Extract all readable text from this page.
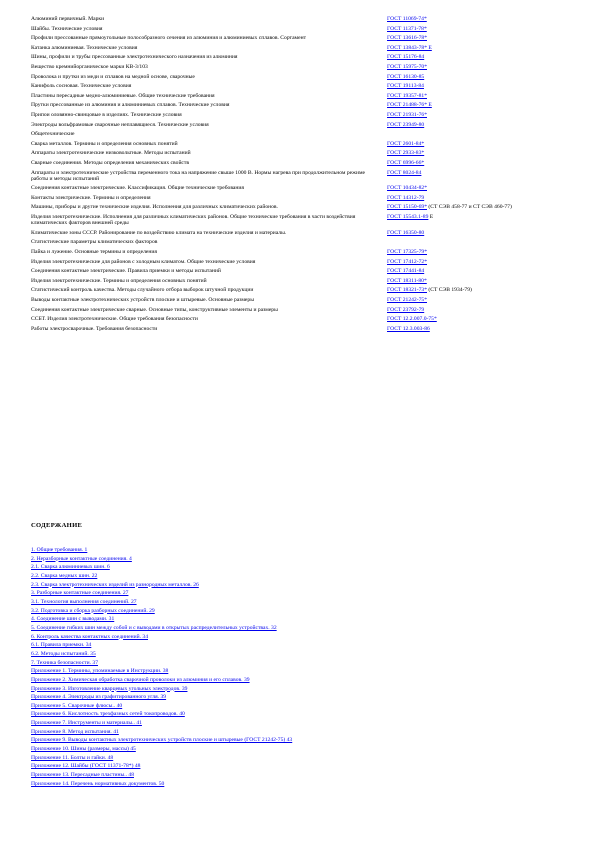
Алюминий первичный. Марки	ГОСТ 11069-74*
Шайбы. Технические условия	ГОСТ 11371-78*
Профили прессованные прямоугольные полособразного сечения из алюминия и алюминиевых сплавов. Сортамент	ГОСТ 13616-78*
Катанка алюминиевая. Технические условия	ГОСТ 13843-78* Е
Шины, профили и трубы прессованные электротехнического назначения из алюминия	ГОСТ 15176-84
Вещество кремнийорганическое марки КВ-3/103	ГОСТ 15975-70*
Проволока и прутки из меди и сплавов на медной основе, сварочные	ГОСТ 16130-85
Канифоль сосновая. Технические условия	ГОСТ 19113-84
Пластины пересадные медно-алюминиевые. Общие технические требования	ГОСТ 19357-81*
Прутки прессованные из алюминия и алюминиевых сплавов. Технические условия	ГОСТ 21488-76* Е
Припои оловянно-свинцовые в изделиях. Технические условия	ГОСТ 21931-76*
Электроды вольфрамовые сварочные неплавящиеся. Технические условия	ГОСТ 23949-80
Общетехнические	
Сварка металлов. Термины и определения основных понятий	ГОСТ 2601-84*
Аппараты электротехнические низковольтные. Методы испытаний	ГОСТ 2933-83*
Сварные соединения. Методы определения механических свойств	ГОСТ 6996-66*
Аппараты и электротехнические устройства переменного тока на напряжение свыше 1000 В. Нормы нагрева при продолжительном режиме работы и методы испытаний	ГОСТ 8024-84
Соединения контактные электрические. Классификация. Общие технические требования	ГОСТ 10434-82*
Контакты электрические. Термины и определения	ГОСТ 14312-79
Машины, приборы и другие технические изделия. Исполнения для различных климатических районов.	ГОСТ 15150-69* (СТ СЭВ 458-77 и СТ СЭВ 460-77)
Изделия электротехнические. Исполнения для различных климатических районов. Общие технические требования в части воздействия климатических факторов внешней среды	ГОСТ 15543.1-89 Е
Климатические зоны СССР. Районирование по воздействию климата на технические изделия и материалы.	ГОСТ 16350-80
Статистические параметры климатических факторов	
Пайка и лужение. Основные термины и определения	ГОСТ 17325-79*
Изделия электротехнические для районов с холодным климатом. Общие технические условия	ГОСТ 17412-72*
Соединения контактные электрические. Правила приемки и методы испытаний	ГОСТ 17441-84
Изделия электротехнические. Термины и определения основных понятий	ГОСТ 18311-80*
Статистический контроль качества. Методы случайного отбора выборок штучной продукции	ГОСТ 18321-73* (СТ СЭВ 1934-79)
Выводы контактные электротехнических устройств плоские и штыревые. Основные размеры	ГОСТ 21242-75*
Соединения контактные электрические сварные. Основные типы, конструктивные элементы и размеры	ГОСТ 23792-79
ССБТ. Изделия электротехнические. Общие требования безопасности	ГОСТ 12.2.007.0-75*
Работы электросварочные. Требования безопасности	ГОСТ 12.3.003-86
СОДЕРЖАНИЕ
1. Общие требования. 1
2. Неразборные контактные соединения. 4
2.1. Сварка алюминиевых шин. 6
2.2. Сварка медных шин. 22
2.3. Сварка электротехнических изделий из разнородных металлов. 26
3. Разборные контактные соединения. 27
3.1. Технология выполнения соединений. 27
3.2. Подготовка и сборка разборных соединений. 29
4. Соединение шин с выводами. 31
5. Соединение гибких шин между собой и с выводами в открытых распределительных устройствах. 32
6. Контроль качества контактных соединений. 34
6.1. Правила приемки. 34
6.2. Методы испытаний. 35
7. Техника безопасности. 37
Приложение 1. Термины, упоминаемые в Инструкции. 38
Приложение 2. Химическая обработка сварочной проволоки из алюминия и его сплавов. 39
Приложение 3. Изготовление кварцевых угольных электродов. 39
Приложение 4. Электроды из графитированного угля. 39
Приложение 5. Сварочные флюсы.. 40
Приложение 6. Кислотность трехфазных сетей токопроводов. 40
Приложение 7. Инструменты и материалы.. 41
Приложение 8. Метод испытания. 41
Приложение 9. Выводы контактных электротехнических устройств плоские и штыревые (ГОСТ 21242-75) 43
Приложение 10. Шины (размеры, массы) 45
Приложение 11. Болты и гайки. 48
Приложение 12. Шайбы (ГОСТ 11371-78*) 48
Приложение 13. Пересадные пластины.. 48
Приложение 14. Перечень нормативных документов. 50
